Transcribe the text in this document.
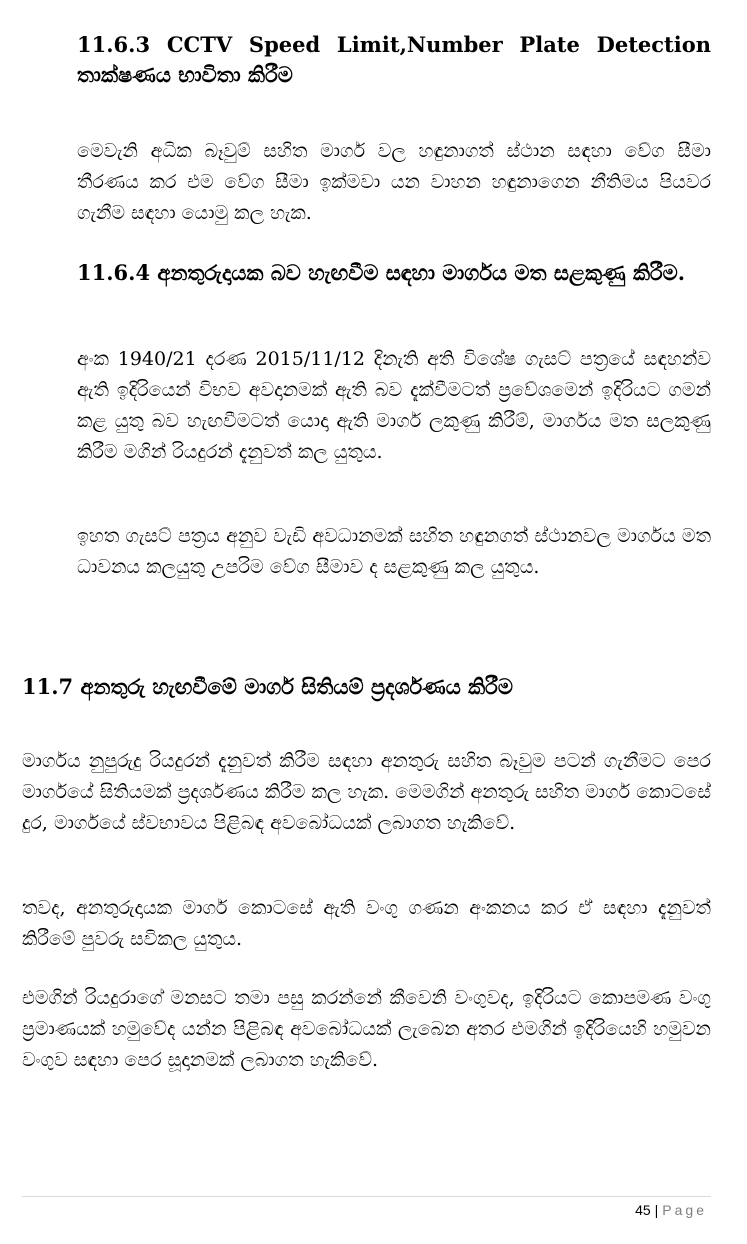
11.6.3 CCTV Speed Limit,Number Plate Detection තාක්ෂණය භාවිතා කිරීම

මෙවැනි අධික බෑවුම් සහිත මාර්ග වල හඳුනාගත් ස්ථාන සඳහා වේග සීමා තීරණය කර එම වේග සීමා ඉක්මවා යන වාහන හඳුනාගෙන නීතිමය පියවර ගැනීම සඳහා යොමු කල හැක.

11.6.4 අනතුරුදායක බව හැඟවීම සඳහා මාර්ගය මත සළකුණු කිරීම.

අංක 1940/21 දරණ 2015/11/12 දිනැති අති විශේෂ ගැසට් පත්‍රයේ සඳහන්ව ඇති ඉදිරියෙන් විභව අවදානමක් ඇති බව දැක්වීමටත් ප්‍රවේශමෙන් ඉදිරියට ගමන් කළ යුතු බව හැඟවීමටත් යොදා ඇති මාර්ග ලකුණු කිරීම්, මාර්ගය මත සලකුණු කිරීම මගින් රියදුරන් දැනුවත් කල යුතුය.

ඉහත ගැසට් පත්‍රය අනුව වැඩි අවධානමක් සහිත හඳුනගත් ස්ථානවල මාර්ගය මත ධාවනය කලයුතු උපරිම වේග සීමාව ද සළකුණු කල යුතුය.

11.7 අනතුරු හැඟවීමේ මාර්ග සිතියම් ප්‍රදර්ශණය කිරීම

මාර්ගය නුපුරුදු රියදුරන් දැනුවත් කිරීම සඳහා අනතුරු සහිත බෑවුම පටන් ගැනීමට පෙර මාර්ගයේ සිතියමක් ප්‍රදර්ශණය කිරීම කල හැක. මෙමගින් අනතුරු සහිත මාර්ග කොටසේ දුර, මාර්ගයේ ස්වභාවය පිළිබඳ අවබෝධයක් ලබාගත හැකිවේ.

තවද, අනතුරුදායක මාර්ග කොටසේ ඇති වංගු ගණන අංකනය කර ඒ සඳහා දැනුවත් කිරීමේ පුවරු සවිකල යුතුය.

එමගින් රියදුරාගේ මනසට තමා පසු කරන්නේ කීවෙනි වංගුවද, ඉදිරියට කොපමණ වංගු ප්‍රමාණයක් හමුවේද යන්න පිළිබඳ අවබෝධයක් ලැබෙන අතර එමගින් ඉදිරියෙහි හමුවන වංගුව සඳහා පෙර සූදානමක් ලබාගත හැකිවේ.

45 | Page
